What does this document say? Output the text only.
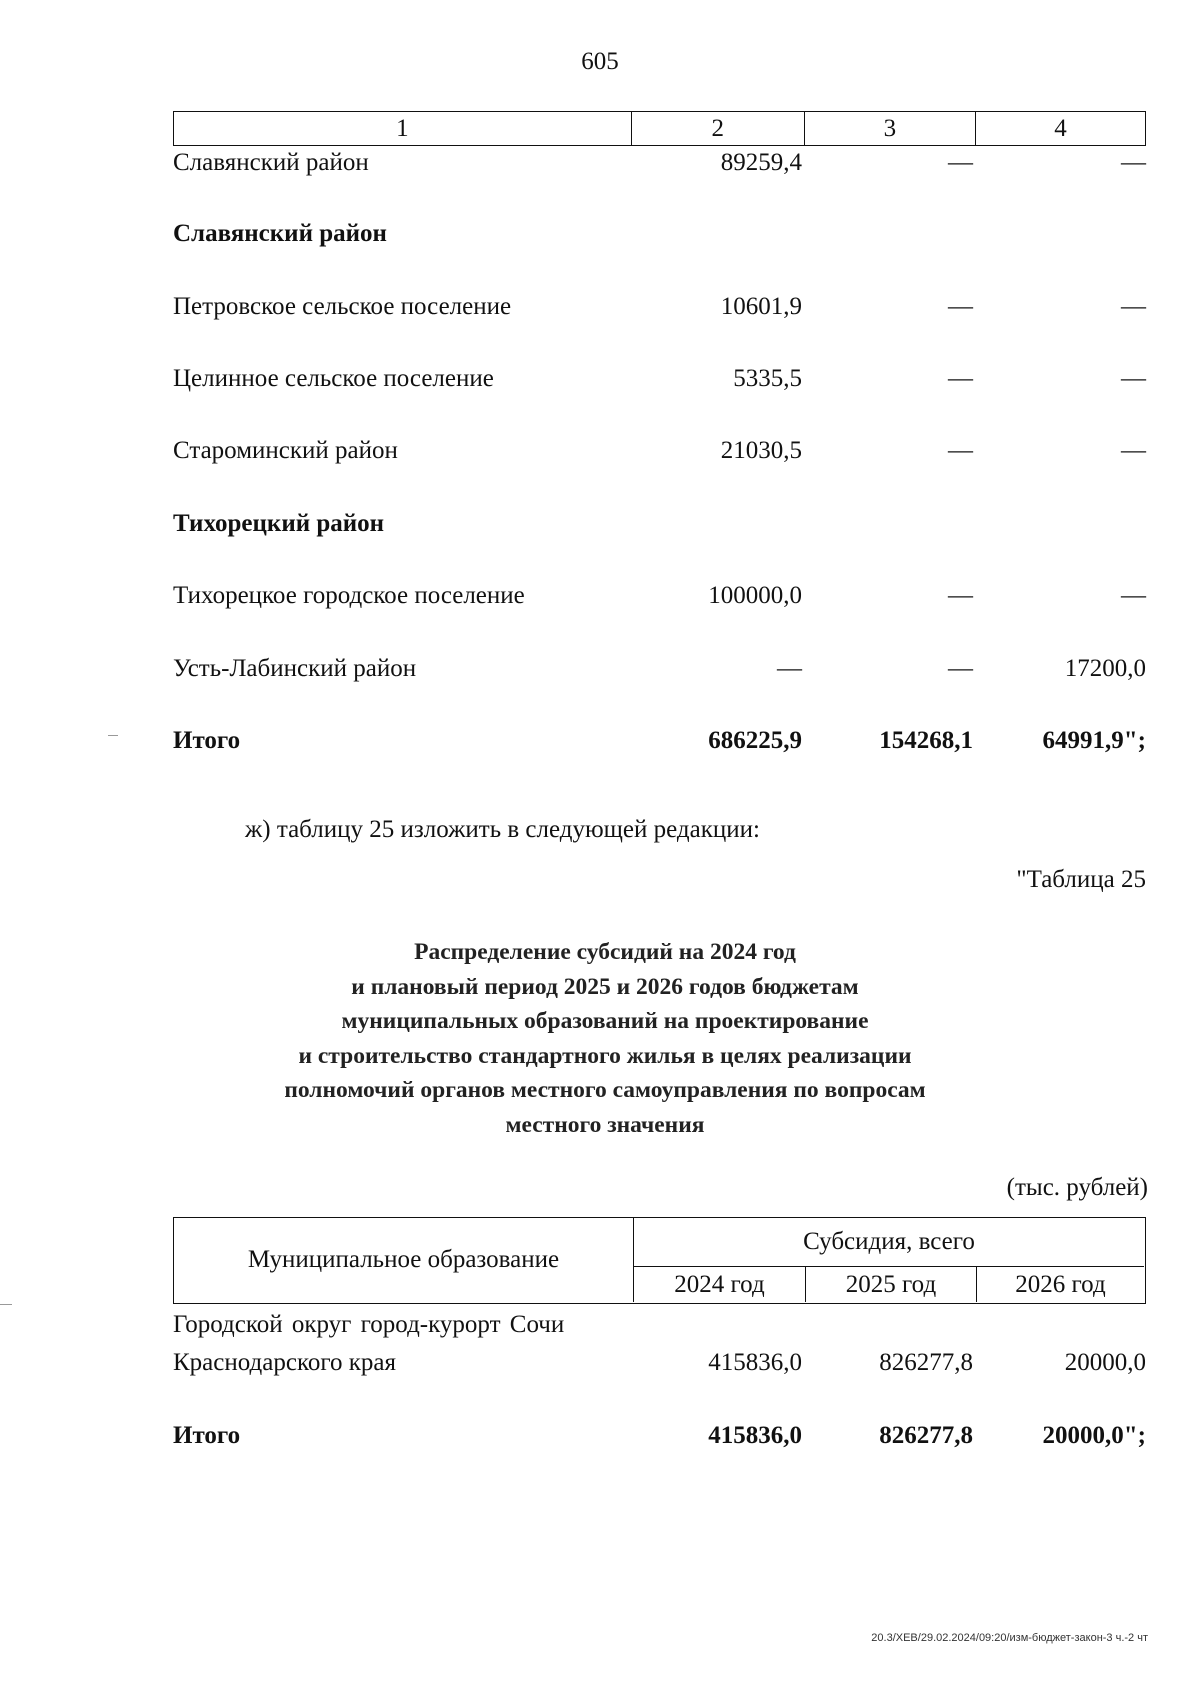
605
1	2	3	4
Славянский район	89259,4	—	—
Славянский район
Петровское сельское поселение	10601,9	—	—
Целинное сельское поселение	5335,5	—	—
Староминский район	21030,5	—	—
Тихорецкий район
Тихорецкое городское поселение	100000,0	—	—
Усть-Лабинский район	—	—	17200,0
Итого	686225,9	154268,1	64991,9";
ж) таблицу 25 изложить в следующей редакции:
"Таблица 25
Распределение субсидий на 2024 год
и плановый период 2025 и 2026 годов бюджетам
муниципальных образований на проектирование
и строительство стандартного жилья в целях реализации
полномочий органов местного самоуправления по вопросам
местного значения
(тыс. рублей)
Муниципальное образование
Субсидия, всего
2024 год	2025 год	2026 год
Городской округ город-курорт Сочи
Краснодарского края	415836,0	826277,8	20000,0
Итого	415836,0	826277,8	20000,0";
20.3/ХЕВ/29.02.2024/09:20/изм-бюджет-закон-3 ч.-2 чт
